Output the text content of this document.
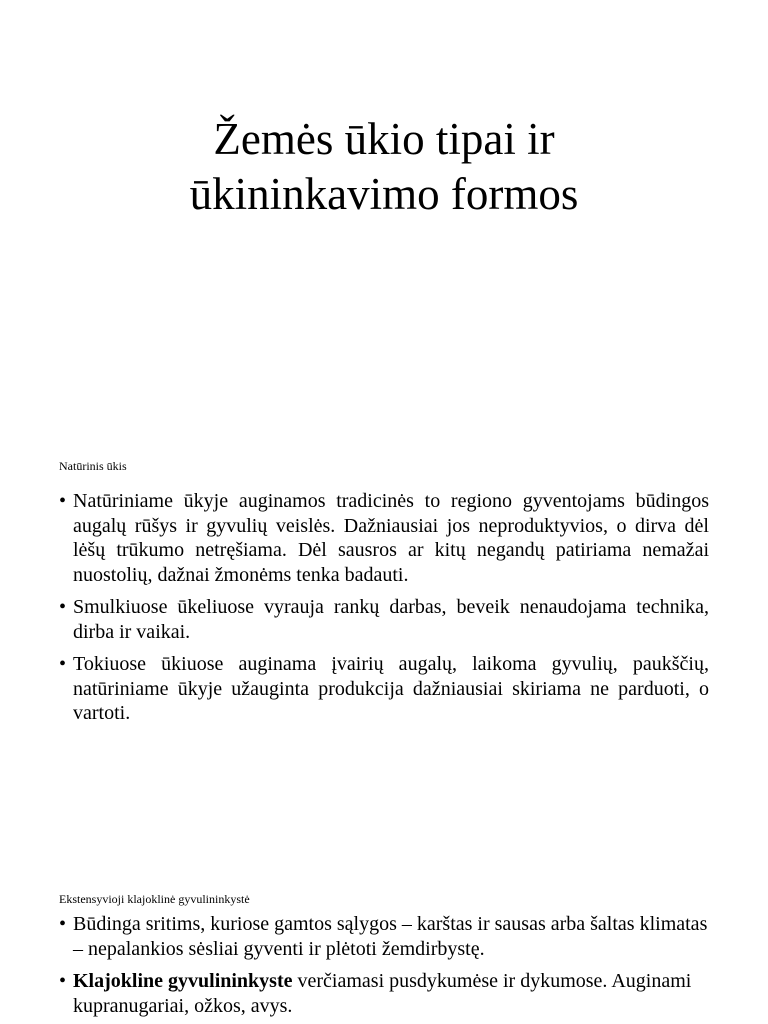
Žemės ūkio tipai ir
ūkininkavimo formos

Natūrinis ūkis

• Natūriniame ūkyje auginamos tradicinės to regiono gyventojams būdingos augalų rūšys ir gyvulių veislės. Dažniausiai jos neproduktyvios, o dirva dėl lėšų trūkumo netręšiama. Dėl sausros ar kitų negandų patiriama nemažai nuostolių, dažnai žmonėms tenka badauti.
• Smulkiuose ūkeliuose vyrauja rankų darbas, beveik nenaudojama technika, dirba ir vaikai.
• Tokiuose ūkiuose auginama įvairių augalų, laikoma gyvulių, paukščių, natūriniame ūkyje užauginta produkcija dažniausiai skiriama ne parduoti, o vartoti.

Ekstensyvioji klajoklinė gyvulininkystė

• Būdinga sritims, kuriose gamtos sąlygos – karštas ir sausas arba šaltas klimatas – nepalankios sėsliai gyventi ir plėtoti žemdirbystę.
• Klajokline gyvulininkyste verčiamasi pusdykumėse ir dykumose. Auginami kupranugariai, ožkos, avys.
